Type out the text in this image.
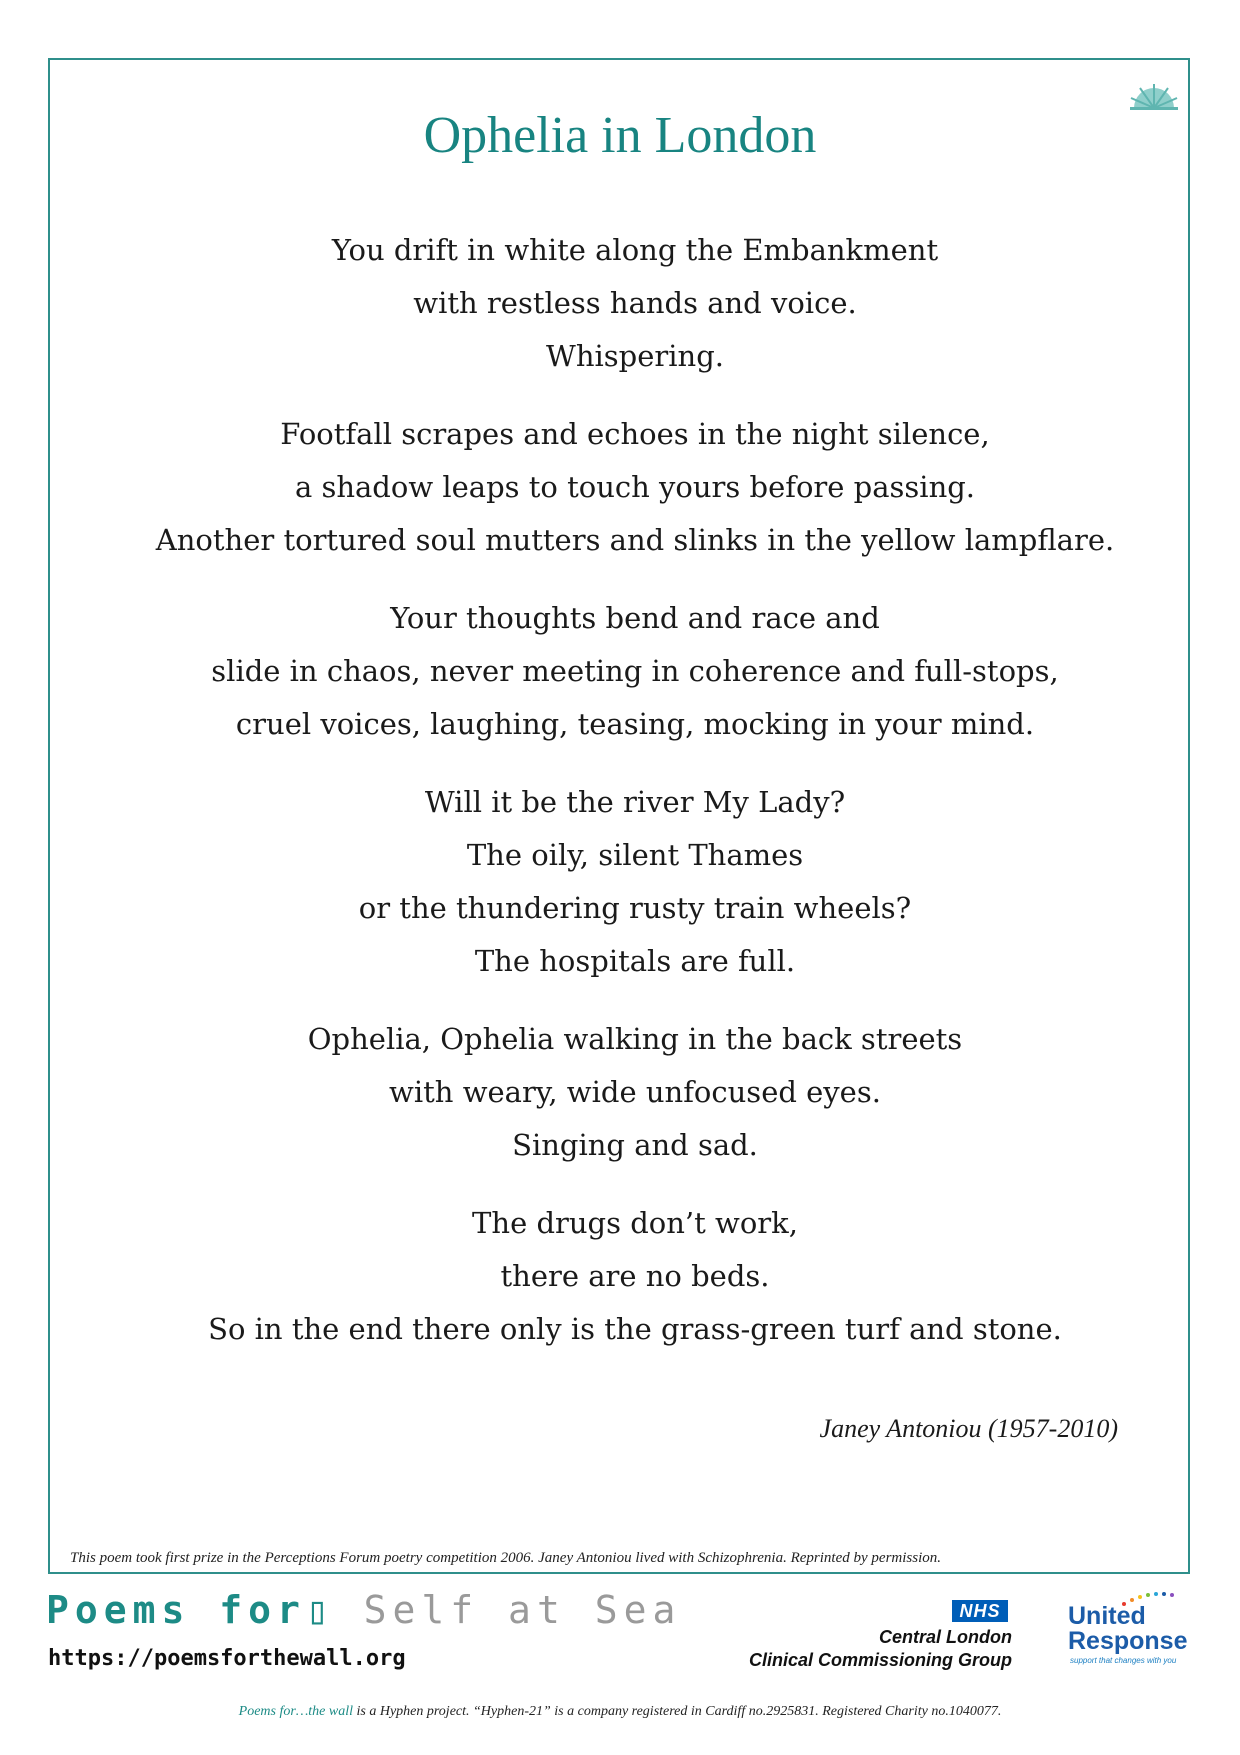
Ophelia in London
You drift in white along the Embankment
with restless hands and voice.
Whispering.
Footfall scrapes and echoes in the night silence,
a shadow leaps to touch yours before passing.
Another tortured soul mutters and slinks in the yellow lampflare.
Your thoughts bend and race and
slide in chaos, never meeting in coherence and full-stops,
cruel voices, laughing, teasing, mocking in your mind.
Will it be the river My Lady?
The oily, silent Thames
or the thundering rusty train wheels?
The hospitals are full.
Ophelia, Ophelia walking in the back streets
with weary, wide unfocused eyes.
Singing and sad.
The drugs don’t work,
there are no beds.
So in the end there only is the grass-green turf and stone.

Janey Antoniou (1957-2010)

This poem took first prize in the Perceptions Forum poetry competition 2006. Janey Antoniou lived with Schizophrenia. Reprinted by permission.

Poems for▯ Self at Sea

https://poemsforthewall.org

NHS
Central London
Clinical Commissioning Group

United
Response

support that changes with you

Poems for…the wall is a Hyphen project. “Hyphen-21” is a company registered in Cardiff no.2925831. Registered Charity no.1040077.
